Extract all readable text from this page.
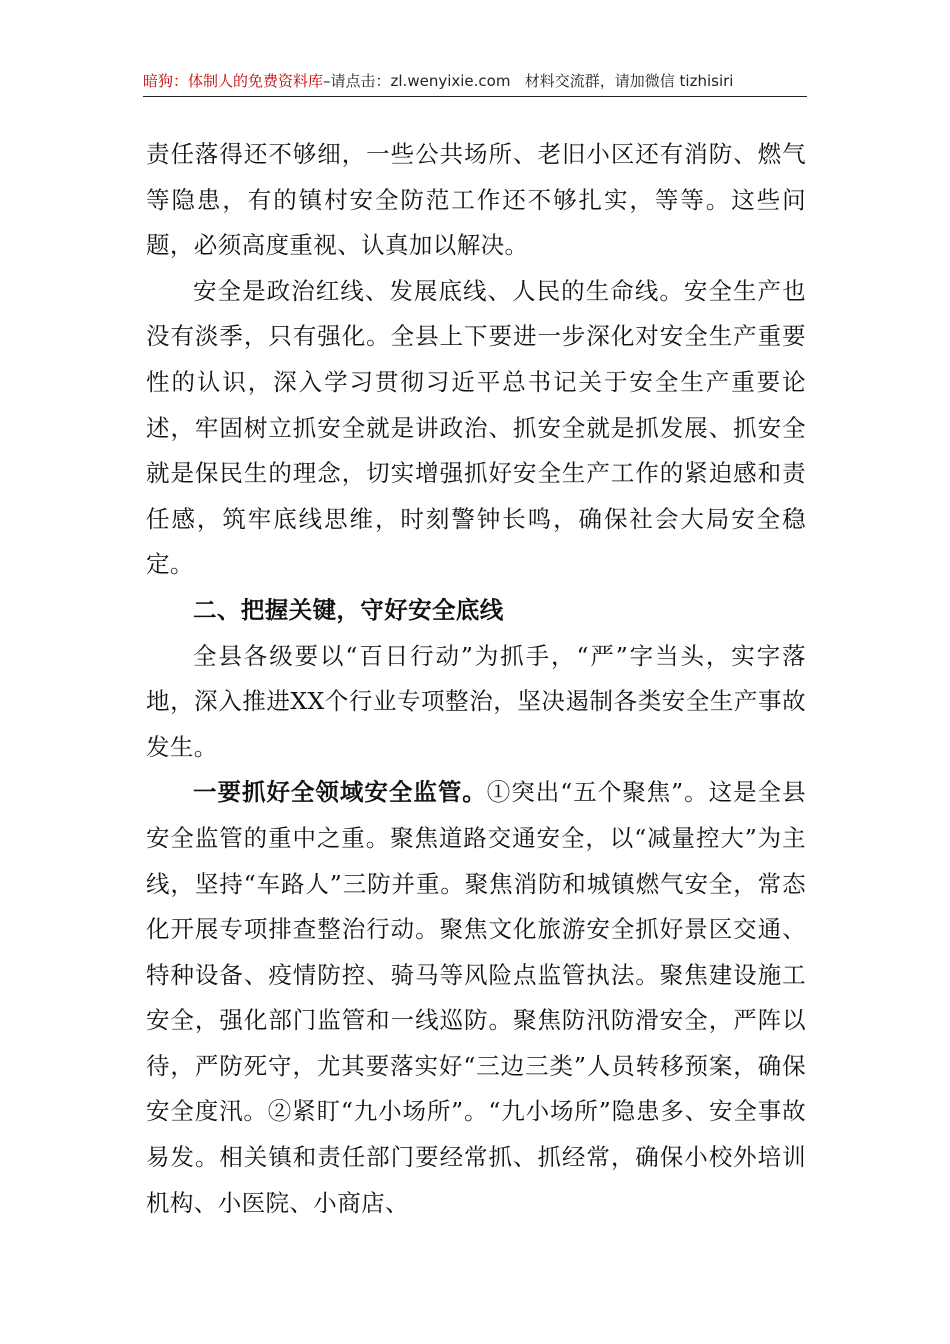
暗狗：体制人的免费资料库–请点击：zl.wenyixie.com 材料交流群，请加微信 tizhisiri

责任落得还不够细，一些公共场所、老旧小区还有消防、燃气等隐患，有的镇村安全防范工作还不够扎实，等等。这些问题，必须高度重视、认真加以解决。

安全是政治红线、发展底线、人民的生命线。安全生产也没有淡季，只有强化。全县上下要进一步深化对安全生产重要性的认识，深入学习贯彻习近平总书记关于安全生产重要论述，牢固树立抓安全就是讲政治、抓安全就是抓发展、抓安全就是保民生的理念，切实增强抓好安全生产工作的紧迫感和责任感，筑牢底线思维，时刻警钟长鸣，确保社会大局安全稳定。

二、把握关键，守好安全底线

全县各级要以“百日行动”为抓手，“严”字当头，实字落地，深入推进XX个行业专项整治，坚决遏制各类安全生产事故发生。

一要抓好全领域安全监管。①突出“五个聚焦”。这是全县安全监管的重中之重。聚焦道路交通安全，以“减量控大”为主线，坚持“车路人”三防并重。聚焦消防和城镇燃气安全，常态化开展专项排查整治行动。聚焦文化旅游安全抓好景区交通、特种设备、疫情防控、骑马等风险点监管执法。聚焦建设施工安全，强化部门监管和一线巡防。聚焦防汛防滑安全，严阵以待，严防死守，尤其要落实好“三边三类”人员转移预案，确保安全度汛。②紧盯“九小场所”。“九小场所”隐患多、安全事故易发。相关镇和责任部门要经常抓、抓经常，确保小校外培训机构、小医院、小商店、
